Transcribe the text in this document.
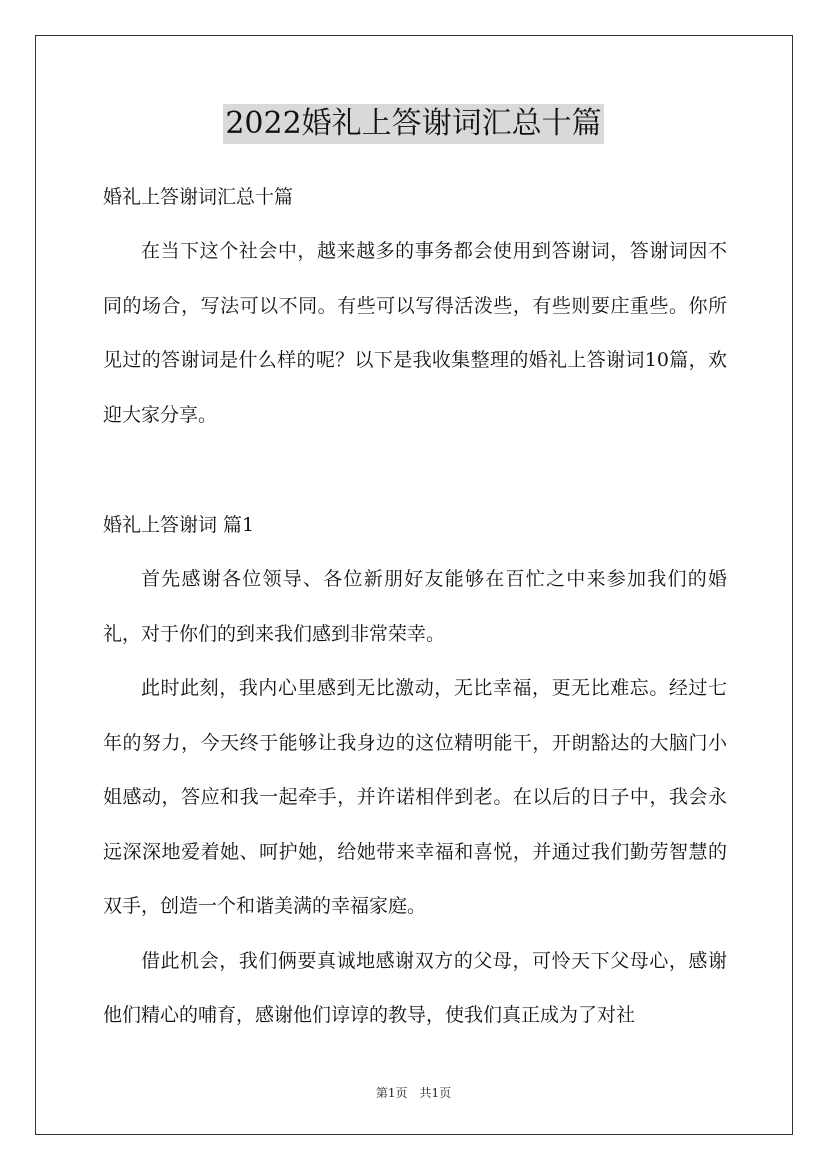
2022婚礼上答谢词汇总十篇

婚礼上答谢词汇总十篇

在当下这个社会中，越来越多的事务都会使用到答谢词，答谢词因不同的场合，写法可以不同。有些可以写得活泼些，有些则要庄重些。你所见过的答谢词是什么样的呢？以下是我收集整理的婚礼上答谢词10篇，欢迎大家分享。

婚礼上答谢词 篇1

首先感谢各位领导、各位新朋好友能够在百忙之中来参加我们的婚礼，对于你们的到来我们感到非常荣幸。

此时此刻，我内心里感到无比激动，无比幸福，更无比难忘。经过七年的努力，今天终于能够让我身边的这位精明能干，开朗豁达的大脑门小姐感动，答应和我一起牵手，并许诺相伴到老。在以后的日子中，我会永远深深地爱着她、呵护她，给她带来幸福和喜悦，并通过我们勤劳智慧的双手，创造一个和谐美满的幸福家庭。

借此机会，我们俩要真诚地感谢双方的父母，可怜天下父母心，感谢他们精心的哺育，感谢他们谆谆的教导，使我们真正成为了对社

第1页 共1页
